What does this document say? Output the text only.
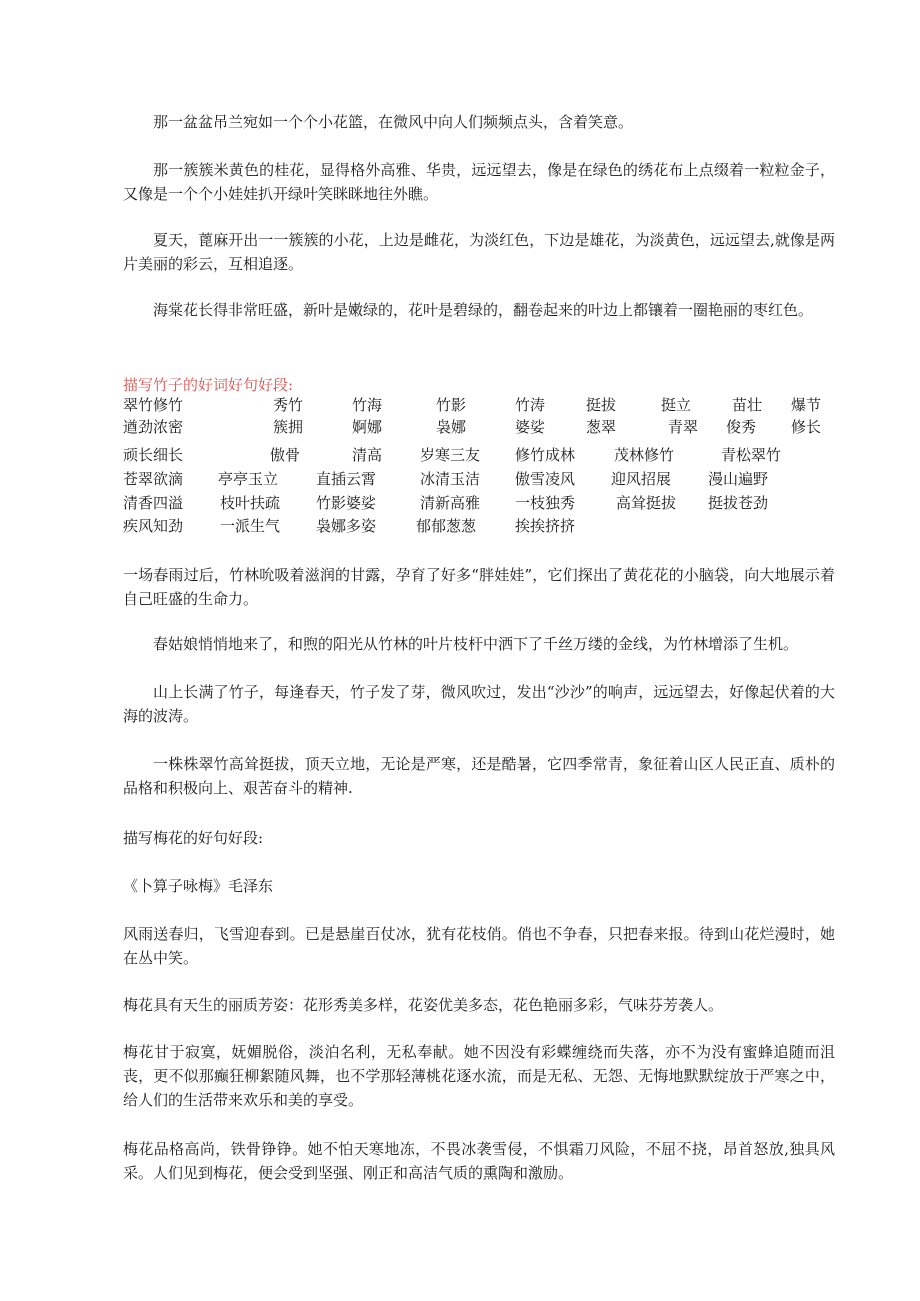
那一盆盆吊兰宛如一个个小花篮，在微风中向人们频频点头，含着笑意。

那一簇簇米黄色的桂花，显得格外高雅、华贵，远远望去，像是在绿色的绣花布上点缀着一粒粒金子，又像是一个个小娃娃扒开绿叶笑眯眯地往外瞧。

夏天，蓖麻开出一一簇簇的小花，上边是雌花，为淡红色，下边是雄花，为淡黄色，远远望去,就像是两片美丽的彩云，互相追逐。

海棠花长得非常旺盛，新叶是嫩绿的，花叶是碧绿的，翻卷起来的叶边上都镶着一圈艳丽的枣红色。

描写竹子的好词好句好段:

翠竹修竹	秀竹	竹海	竹影	竹涛	挺拔	挺立	苗壮 爆节
遒劲浓密	簇拥	婀娜	袅娜	婆娑	葱翠	青翠 俊秀 修长
顽长细长	傲骨	清高	岁寒三友 修竹成林	茂林修竹	青松翠竹
苍翠欲滴 亭亭玉立	直插云霄	冰清玉洁 傲雪凌风 迎风招展 漫山遍野
清香四溢 枝叶扶疏 竹影婆娑	清新高雅 一枝独秀	高耸挺拔 挺拔苍劲
疾风知劲 一派生气 袅娜多姿	郁郁葱葱	挨挨挤挤

一场春雨过后，竹林吮吸着滋润的甘露，孕育了好多“胖娃娃”，它们探出了黄花花的小脑袋，向大地展示着自己旺盛的生命力。

春姑娘悄悄地来了，和煦的阳光从竹林的叶片枝杆中洒下了千丝万缕的金线，为竹林增添了生机。

山上长满了竹子，每逢春天，竹子发了芽，微风吹过，发出“沙沙”的响声，远远望去，好像起伏着的大海的波涛。

一株株翠竹高耸挺拔，顶天立地，无论是严寒，还是酷暑，它四季常青，象征着山区人民正直、质朴的品格和积极向上、艰苦奋斗的精神.

描写梅花的好句好段:

《卜算子咏梅》毛泽东

风雨送春归，飞雪迎春到。已是悬崖百仗冰，犹有花枝俏。俏也不争春，只把春来报。待到山花烂漫时，她在丛中笑。

梅花具有天生的丽质芳姿：花形秀美多样，花姿优美多态，花色艳丽多彩，气味芬芳袭人。

梅花甘于寂寞，妩媚脱俗，淡泊名利，无私奉献。她不因没有彩蝶缠绕而失落，亦不为没有蜜蜂追随而沮丧，更不似那癫狂柳絮随风舞，也不学那轻薄桃花逐水流，而是无私、无怨、无悔地默默绽放于严寒之中，给人们的生活带来欢乐和美的享受。

梅花品格高尚，铁骨铮铮。她不怕天寒地冻，不畏冰袭雪侵，不惧霜刀风险，不屈不挠，昂首怒放,独具风采。人们见到梅花，便会受到坚强、刚正和高洁气质的熏陶和激励。
